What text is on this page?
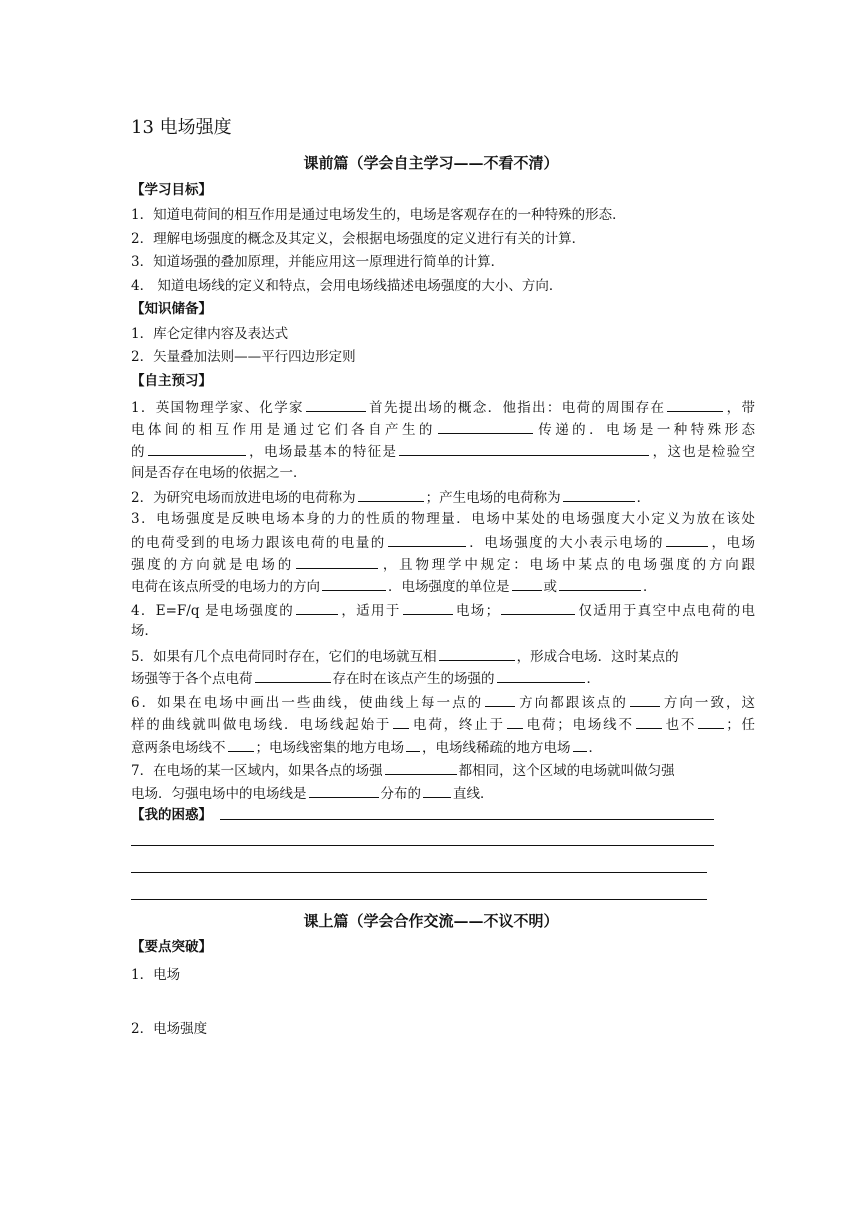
13 电场强度
课前篇（学会自主学习——不看不清）
【学习目标】
1．知道电荷间的相互作用是通过电场发生的，电场是客观存在的一种特殊的形态．
2．理解电场强度的概念及其定义，会根据电场强度的定义进行有关的计算．
3．知道场强的叠加原理，并能应用这一原理进行简单的计算．
4． 知道电场线的定义和特点，会用电场线描述电场强度的大小、方向．
【知识储备】
1．库仑定律内容及表达式
2．矢量叠加法则——平行四边形定则
【自主预习】
1．英国物理学家、化学家	首先提出场的概念．他指出：电荷的周围存在	，带
电体间的相互作用是通过它们各自产生的	传递的．电场是一种特殊形态
的	，电场最基本的特征是	，这也是检验空
间是否存在电场的依据之一．
2．为研究电场而放进电场的电荷称为	；产生电场的电荷称为	．
3．电场强度是反映电场本身的力的性质的物理量．电场中某处的电场强度大小定义为放在该处
的电荷受到的电场力跟该电荷的电量的	．电场强度的大小表示电场的	，电场
强度的方向就是电场的	，且物理学中规定：电场中某点的电场强度的方向跟
电荷在该点所受的电场力的方向	．电场强度的单位是	或	．
4．E=F/q 是电场强度的	，适用于	电场；	仅适用于真空中点电荷的电
场．
5．如果有几个点电荷同时存在，它们的电场就互相	，形成合电场．这时某点的
场强等于各个点电荷	存在时在该点产生的场强的	．
6．如果在电场中画出一些曲线，使曲线上每一点的	方向都跟该点的	方向一致，这
样的曲线就叫做电场线．电场线起始于 电荷，终止于 电荷；电场线不 也不 ；任
意两条电场线不 ；电场线密集的地方电场 ，电场线稀疏的地方电场 ．
7．在电场的某一区域内，如果各点的场强	都相同，这个区域的电场就叫做匀强
电场．匀强电场中的电场线是	分布的 直线．
【我的困惑】
课上篇（学会合作交流——不议不明）
【要点突破】
1．电场
2．电场强度
